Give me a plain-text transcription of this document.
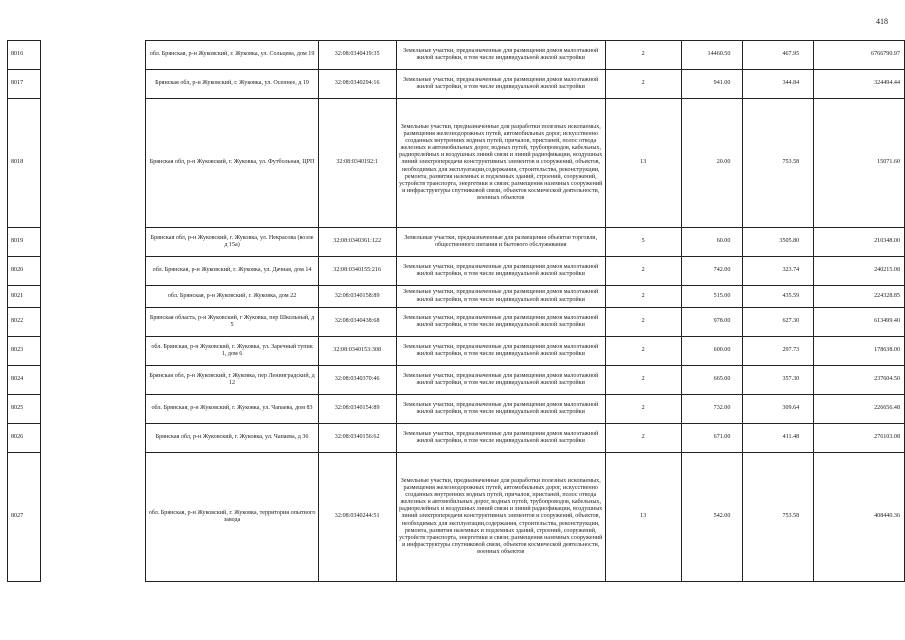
418
8016		обл. Брянская, р-н Жуковский, г. Жуковка, ул. Сольцева, дом 19	32:08:0340419:35	Земельные участки, предназначенные для размещения домов малоэтажной жилой застройки, в том числе индивидуальной жилой застройки	2	14460.50	467.95	6766790.97
8017		Брянская обл, р-н Жуковский, г. Жуковка, ул. Осеннее, д 19	32:08:0340294:16	Земельные участки, предназначенные для размещения домов малоэтажной жилой застройки, в том числе индивидуальной жилой застройки	2	941.00	344.84	324494.44
8018		Брянская обл, р-н Жуковский, г. Жуковка, ул. Футбольная, ЦРП	32:08:0340192:1	Земельные участки, предназначенные для разработки полезных ископаемых, размещения железнодорожных путей, автомобильных дорог, искусственно созданных внутренних водных путей, причалов, пристаней, полос отвода железных и автомобильных дорог, водных путей, трубопроводов, кабельных, радиорелейных и воздушных линий связи и линий радиофикации, воздушных линий электропередачи конструктивных элементов и сооружений, объектов, необходимых для эксплуатации,содержания, строительства, реконструкции, ремонта, развития наземных и подземных зданий, строений, сооружений, устройств транспорта, энергетики и связи; размещения наземных сооружений и инфраструктуры спутниковой связи, объектов космической деятельности, военных объектов	13	20.00	753.58	15071.60
8019		Брянская обл, р-н Жуковский, г. Жуковка, ул. Некрасова (возле д 15а)	32:08:0340361:122	Земельные участки, предназначенные для размещения объектов торговли, общественного питания и бытового обслуживания	5	60.00	3505.80	210348.00
8020		обл. Брянская, р-н Жуковский, г. Жуковка, ул. Дачная, дом 14	32:08:0340155:216	Земельные участки, предназначенные для размещения домов малоэтажной жилой застройки, в том числе индивидуальной жилой застройки	2	742.00	323.74	240215.08
8021		обл. Брянская, р-н Жуковский, г. Жуковка, дом 22	32:08:0340158:89	Земельные участки, предназначенные для размещения домов малоэтажной жилой застройки, в том числе индивидуальной жилой застройки	2	515.00	435.59	224328.85
8022		Брянская область, р-н Жуковский, г Жуковка, пер Школьный, д 5	32:08:0340438:68	Земельные участки, предназначенные для размещения домов малоэтажной жилой застройки, в том числе индивидуальной жилой застройки	2	978.00	627.30	613499.40
8023		обл. Брянская, р-н Жуковский, г. Жуковка, ул. Заречный тупик 1, дом 6	32:08:0340153:308	Земельные участки, предназначенные для размещения домов малоэтажной жилой застройки, в том числе индивидуальной жилой застройки	2	600.00	297.73	178638.00
8024		Брянская обл, р-н Жуковский, г Жуковка, пер Ленинградский, д 12	32:08:0340370:46	Земельные участки, предназначенные для размещения домов малоэтажной жилой застройки, в том числе индивидуальной жилой застройки	2	665.00	357.30	237604.50
8025		обл. Брянская, р-н Жуковский, г. Жуковка, ул. Чапаева, дом 83	32:08:0340154:89	Земельные участки, предназначенные для размещения домов малоэтажной жилой застройки, в том числе индивидуальной жилой застройки	2	732.00	309.64	226656.48
8026		Брянская обл, р-н Жуковский, г. Жуковка, ул. Чапаева, д 36	32:08:0340156:62	Земельные участки, предназначенные для размещения домов малоэтажной жилой застройки, в том числе индивидуальной жилой застройки	2	671.00	411.48	276103.08
8027		обл. Брянская, р-н Жуковский, г. Жуковка, территория опытного завода	32:08:0340244:51	Земельные участки, предназначенные для разработки полезных ископаемых, размещения железнодорожных путей, автомобильных дорог, искусственно созданных внутренних водных путей, причалов, пристаней, полос отвода железных и автомобильных дорог, водных путей, трубопроводов, кабельных, радиорелейных и воздушных линий связи и линий радиофикации, воздушных линий электропередачи конструктивных элементов и сооружений, объектов, необходимых для эксплуатации,содержания, строительства, реконструкции, ремонта, развития наземных и подземных зданий, строений, сооружений, устройств транспорта, энергетики и связи; размещения наземных сооружений и инфраструктуры спутниковой связи, объектов космической деятельности, военных объектов	13	542.00	753.58	408440.36
